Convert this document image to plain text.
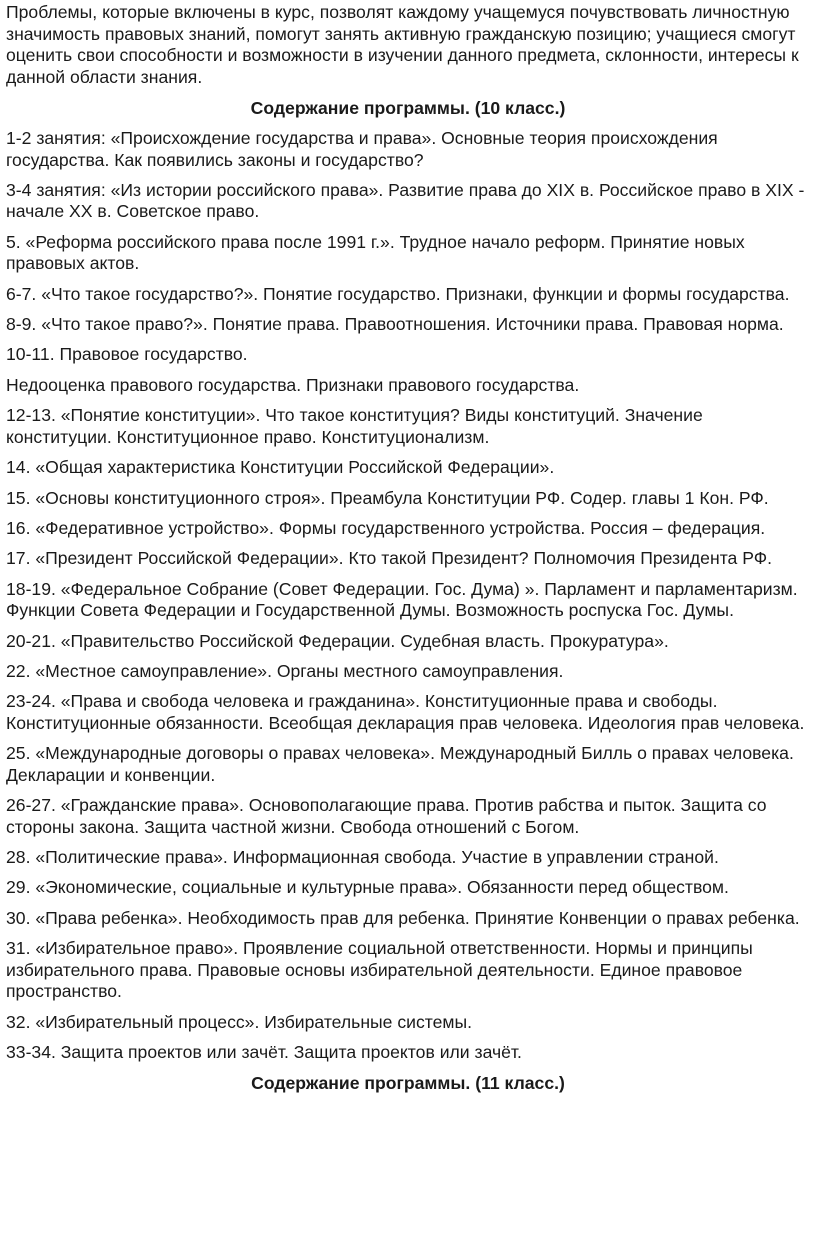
Проблемы, которые включены в курс, позволят каждому учащемуся почувствовать личностную значимость правовых знаний, помогут занять активную гражданскую позицию; учащиеся смогут оценить свои способности и возможности в изучении данного предмета, склонности, интересы к данной области знания.

Содержание программы. (10 класс.)

1-2 занятия: «Происхождение государства и права». Основные теория происхождения государства. Как появились законы и государство?

3-4 занятия: «Из истории российского права». Развитие права до XIX в. Российское право в XIX - начале XX в. Советское право.

5. «Реформа российского права после 1991 г.». Трудное начало реформ. Принятие новых правовых актов.

6-7. «Что такое государство?». Понятие государство. Признаки, функции и формы государства.

8-9. «Что такое право?». Понятие права. Правоотношения. Источники права. Правовая норма.

10-11. Правовое государство.

Недооценка правового государства. Признаки правового государства.

12-13. «Понятие конституции». Что такое конституция? Виды конституций. Значение конституции. Конституционное право. Конституционализм.

14. «Общая характеристика Конституции Российской Федерации».

15. «Основы конституционного строя». Преамбула Конституции РФ. Содер. главы 1 Кон. РФ.

16. «Федеративное устройство». Формы государственного устройства. Россия – федерация.

17. «Президент Российской Федерации». Кто такой Президент? Полномочия Президента РФ.

18-19. «Федеральное Собрание (Совет Федерации. Гос. Дума) ». Парламент и парламентаризм. Функции Совета Федерации и Государственной Думы. Возможность роспуска Гос. Думы.

20-21. «Правительство Российской Федерации. Судебная власть. Прокуратура».

22. «Местное самоуправление». Органы местного самоуправления.

23-24. «Права и свобода человека и гражданина». Конституционные права и свободы. Конституционные обязанности. Всеобщая декларация прав человека. Идеология прав человека.

25. «Международные договоры о правах человека». Международный Билль о правах человека. Декларации и конвенции.

26-27. «Гражданские права». Основополагающие права. Против рабства и пыток. Защита со стороны закона. Защита частной жизни. Свобода отношений с Богом.

28. «Политические права». Информационная свобода. Участие в управлении страной.

29. «Экономические, социальные и культурные права». Обязанности перед обществом.

30. «Права ребенка». Необходимость прав для ребенка. Принятие Конвенции о правах ребенка.

31. «Избирательное право». Проявление социальной ответственности. Нормы и принципы избирательного права. Правовые основы избирательной деятельности. Единое правовое пространство.

32. «Избирательный процесс». Избирательные системы.

33-34. Защита проектов или зачёт. Защита проектов или зачёт.

Содержание программы. (11 класс.)
